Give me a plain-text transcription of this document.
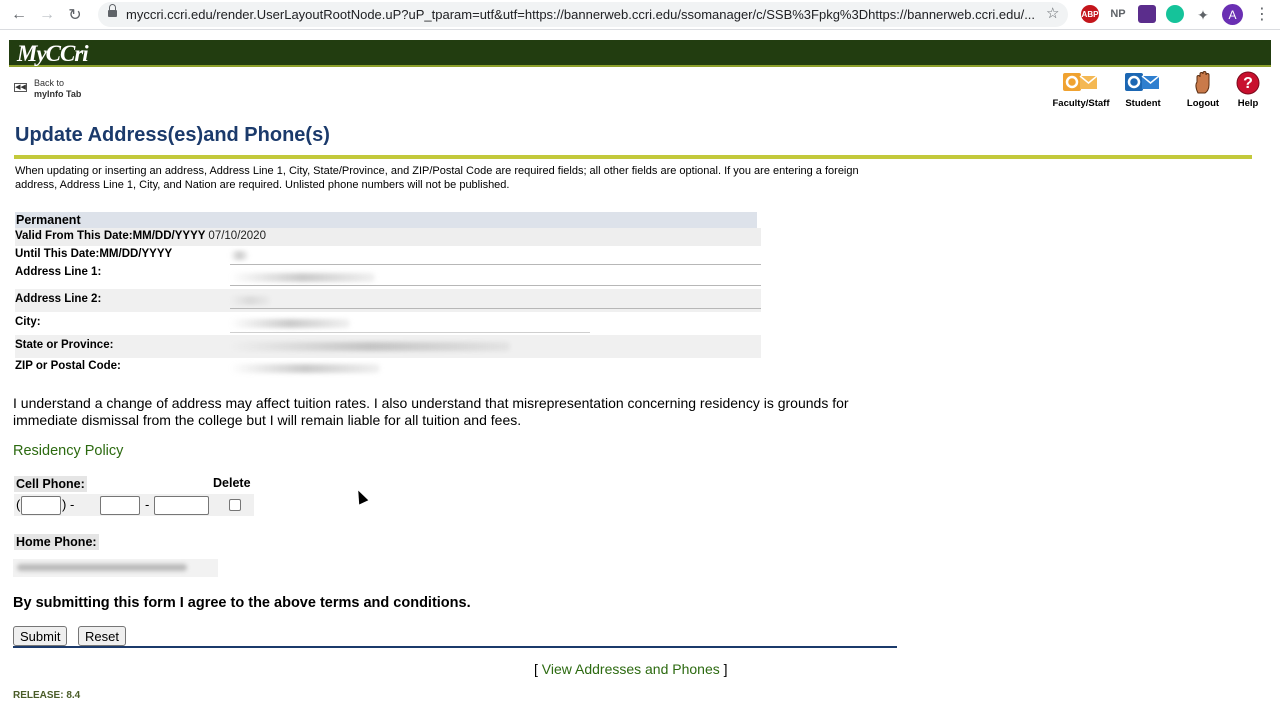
← → ↻	myccri.ccri.edu/render.UserLayoutRootNode.uP?uP_tparam=utf&utf=https://bannerweb.ccri.edu/ssomanager/c/SSB%3Fpkg%3Dhttps://bannerweb.ccri.edu/... ☆	ABP NP	✦	A	⋮
MyCCri
◀◀ Back to
myInfo Tab
Faculty/Staff	Student	Logout
?
Help
Update Address(es)and Phone(s)
When updating or inserting an address, Address Line 1, City, State/Province, and ZIP/Postal Code are required fields; all other fields are optional. If you are entering a foreign address, Address Line 1, City, and Nation are required. Unlisted phone numbers will not be published.
Permanent
Valid From This Date:MM/DD/YYYY 07/10/2020
Until This Date:MM/DD/YYYY
Address Line 1:
Address Line 2:
City:
State or Province:
ZIP or Postal Code:
I understand a change of address may affect tuition rates. I also understand that misrepresentation concerning residency is grounds for immediate dismissal from the college but I will remain liable for all tuition and fees.
Residency Policy
Cell Phone:	Delete
(	) -	-
Home Phone:
By submitting this form I agree to the above terms and conditions.
Submit	Reset
[ View Addresses and Phones ]
RELEASE: 8.4
